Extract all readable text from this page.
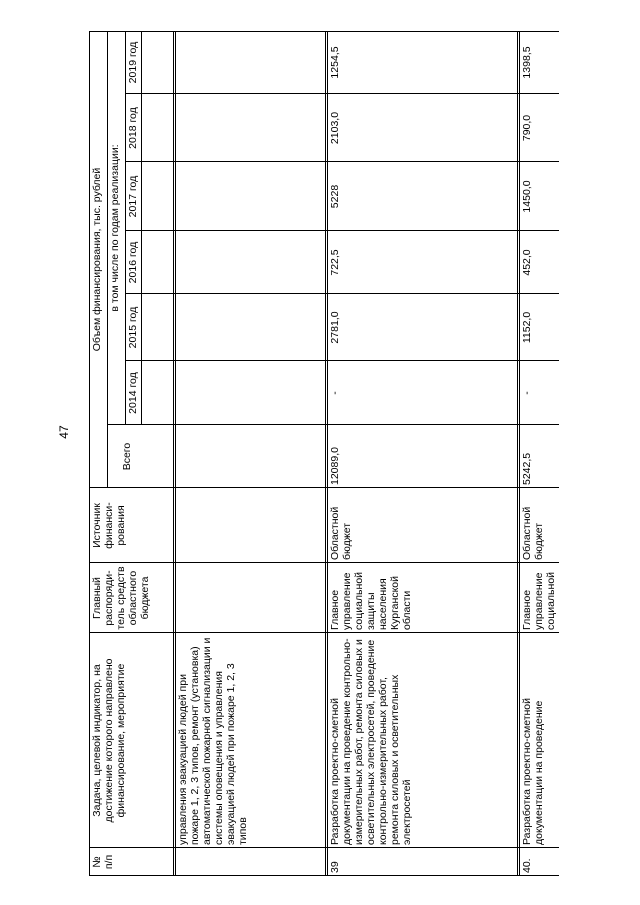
47
№ п/п
Задача, целевой индикатор, на достижение которого направлено финансирование, мероприятие
Главный распоряди-тель средств областного бюджета
Источник финанси-рования
Объем финансирования, тыс. рублей
Всего
в том числе по годам реализации:
2014 год
2015 год
2016 год
2017 год
2018 год
2019 год
управления эвакуацией людей при пожаре 1, 2, 3 типов, ремонт (установка) автоматической пожарной сигнализации и системы оповещения и управления эвакуацией людей при пожаре 1, 2, 3 типов
39
Разработка проектно-сметной документации на проведение контрольно-измерительных работ, ремонта силовых и осветительных электросетей, проведение контрольно-измерительных работ, ремонта силовых и осветительных электросетей
Главное управление социальной защиты населения Курганской области
Областной бюджет
12089,0
-
2781,0
722,5
5228
2103,0
1254,5
40.
Разработка проектно-сметной документации на проведение
Главное управление социальной
Областной бюджет
5242,5
-
1152,0
452,0
1450,0
790,0
1398,5
